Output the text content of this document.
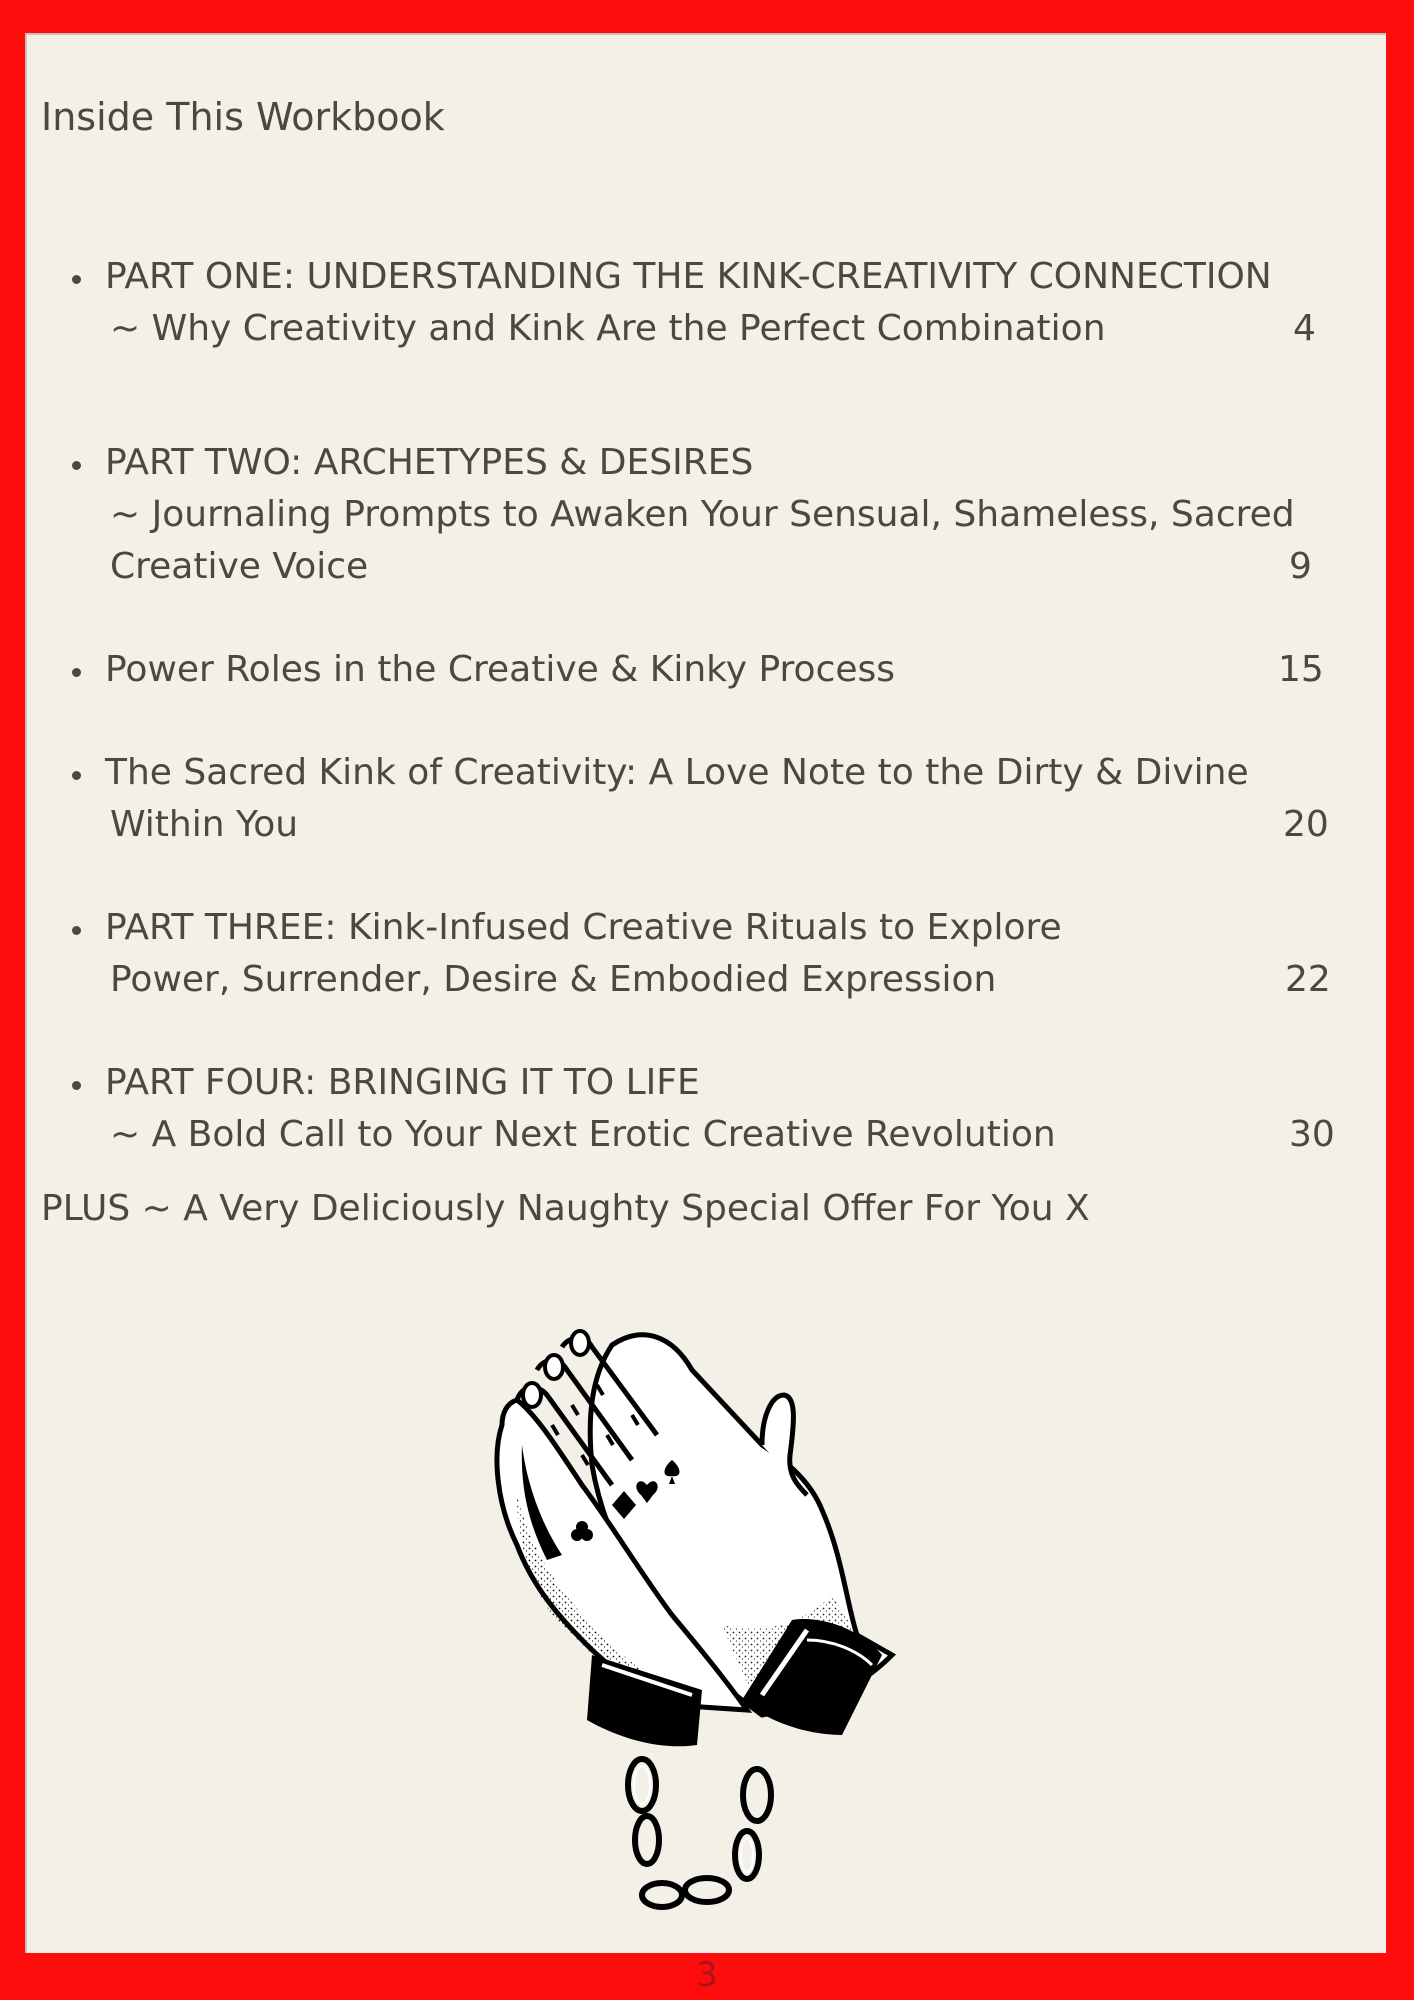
Inside This Workbook
PART ONE: UNDERSTANDING THE KINK-CREATIVITY CONNECTION
~ Why Creativity and Kink Are the Perfect Combination	4
PART TWO: ARCHETYPES & DESIRES
~ Journaling Prompts to Awaken Your Sensual, Shameless, Sacred
Creative Voice	9
Power Roles in the Creative & Kinky Process	15
The Sacred Kink of Creativity: A Love Note to the Dirty & Divine
Within You	20
PART THREE: Kink-Infused Creative Rituals to Explore
Power, Surrender, Desire & Embodied Expression	22
PART FOUR: BRINGING IT TO LIFE
~ A Bold Call to Your Next Erotic Creative Revolution	30

PLUS ~ A Very Deliciously Naughty Special Offer For You X

3
